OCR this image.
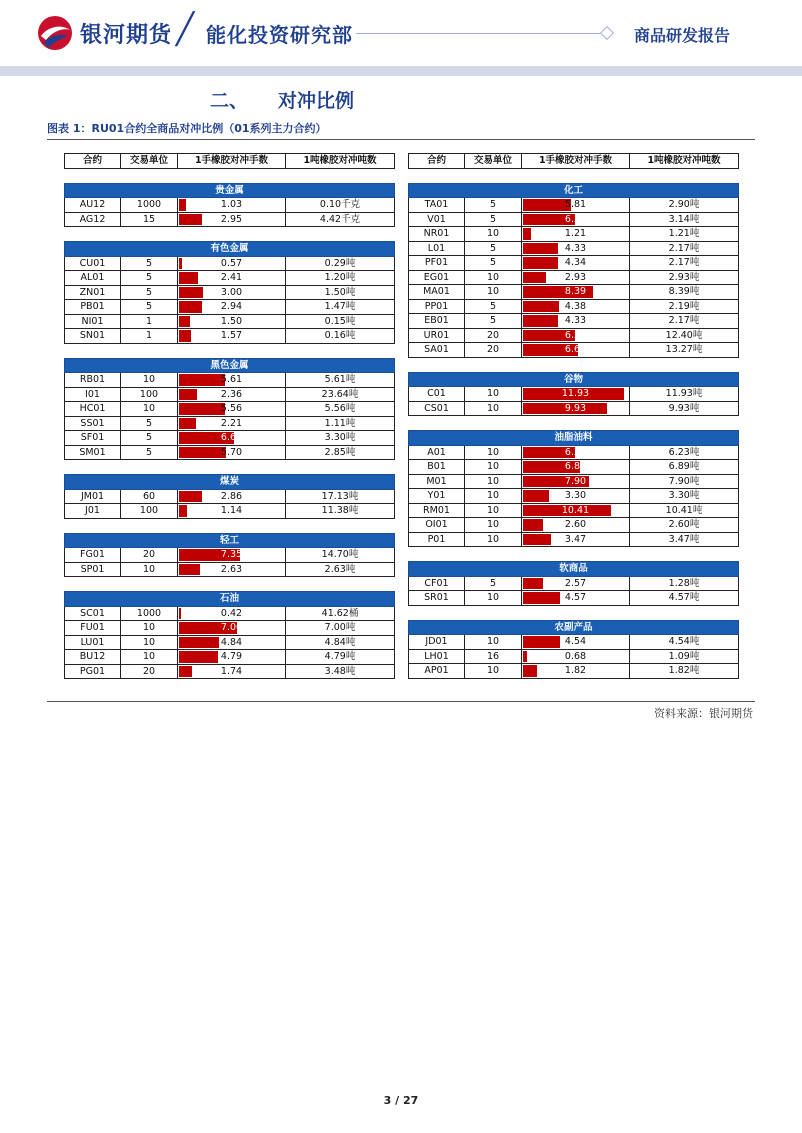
银河期货 ╱ 能化投资研究部	商品研发报告
二、 对冲比例
图表 1：RU01合约全商品对冲比例（01系列主力合约）
合约	交易单位	1手橡胶对冲手数	1吨橡胶对冲吨数
贵金属			
AU12	1000	1.03	0.10千克
AG12	15	2.95	4.42千克
有色金属			
CU01	5	0.57	0.29吨
AL01	5	2.41	1.20吨
ZN01	5	3.00	1.50吨
PB01	5	2.94	1.47吨
NI01	1	1.50	0.15吨
SN01	1	1.57	0.16吨
黑色金属			
RB01	10	5.61	5.61吨
I01	100	2.36	23.64吨
HC01	10	5.56	5.56吨
SS01	5	2.21	1.11吨
SF01	5	6.61	3.30吨
SM01	5	5.70	2.85吨
煤炭			
JM01	60	2.86	17.13吨
J01	100	1.14	11.38吨
轻工			
FG01	20	7.35	14.70吨
SP01	10	2.63	2.63吨
石油			
SC01	1000	0.42	41.62桶
FU01	10	7.00	7.00吨
LU01	10	4.84	4.84吨
BU12	10	4.79	4.79吨
PG01	20	1.74	3.48吨
合约	交易单位	1手橡胶对冲手数	1吨橡胶对冲吨数
化工			
TA01	5	5.81	2.90吨
V01	5	6.28	3.14吨
NR01	10	1.21	1.21吨
L01	5	4.33	2.17吨
PF01	5	4.34	2.17吨
EG01	10	2.93	2.93吨
MA01	10	8.39	8.39吨
PP01	5	4.38	2.19吨
EB01	5	4.33	2.17吨
UR01	20	6.20	12.40吨
SA01	20	6.63	13.27吨
谷物			
C01	10	11.93	11.93吨
CS01	10	9.93	9.93吨
油脂油料			
A01	10	6.23	6.23吨
B01	10	6.89	6.89吨
M01	10	7.90	7.90吨
Y01	10	3.30	3.30吨
RM01	10	10.41	10.41吨
OI01	10	2.60	2.60吨
P01	10	3.47	3.47吨
软商品			
CF01	5	2.57	1.28吨
SR01	10	4.57	4.57吨
农副产品			
JD01	10	4.54	4.54吨
LH01	16	0.68	1.09吨
AP01	10	1.82	1.82吨
资料来源：银河期货
3 / 27
